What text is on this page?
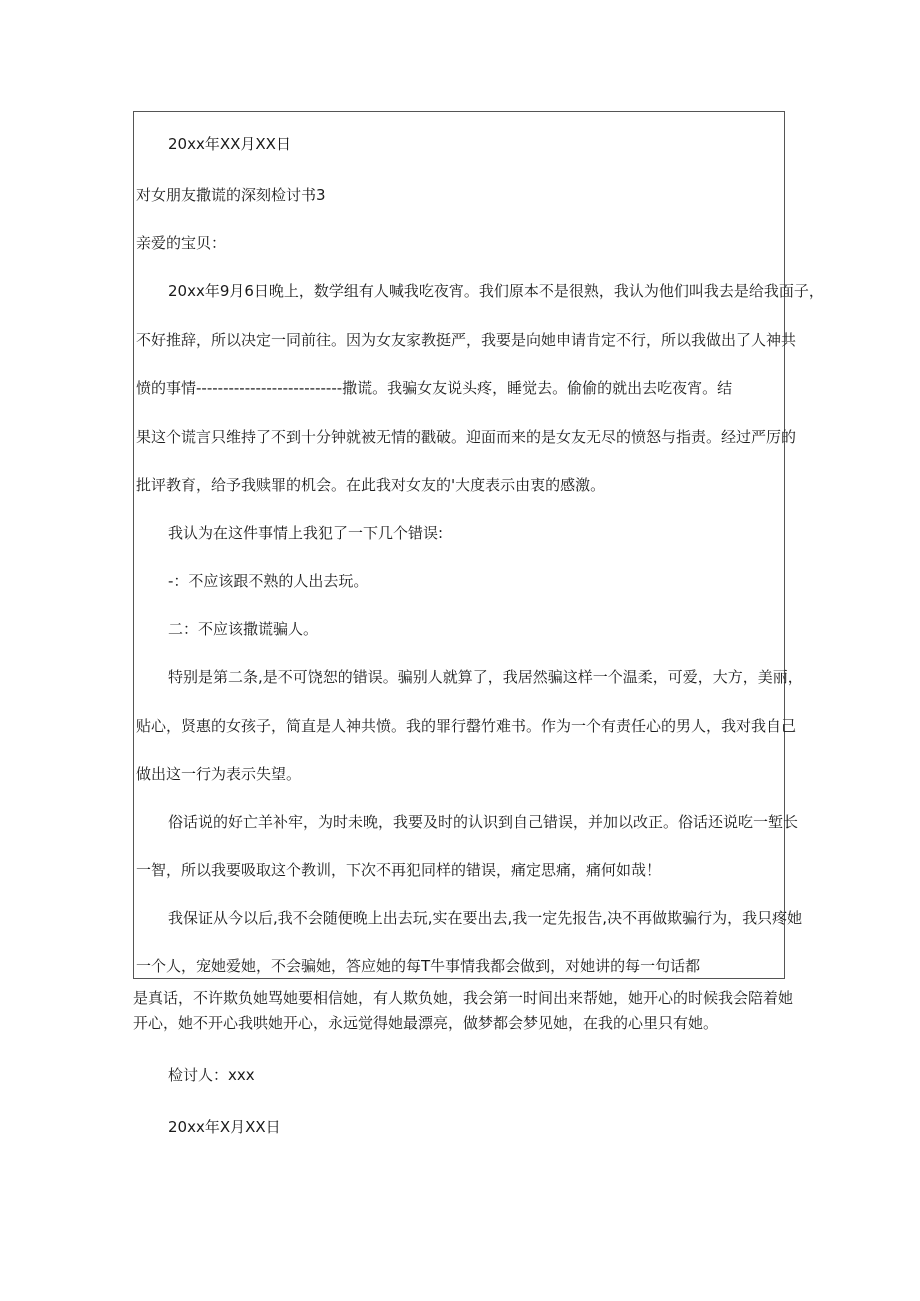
20xx年XX月XX日

对女朋友撒谎的深刻检讨书3

亲爱的宝贝：

20xx年9月6日晚上，数学组有人喊我吃夜宵。我们原本不是很熟，我认为他们叫我去是给我面子，

不好推辞，所以决定一同前往。因为女友家教挺严，我要是向她申请肯定不行，所以我做出了人神共

愤的事情---------------------------撒谎。我骗女友说头疼，睡觉去。偷偷的就出去吃夜宵。结

果这个谎言只维持了不到十分钟就被无情的戳破。迎面而来的是女友无尽的愤怒与指责。经过严厉的

批评教育，给予我赎罪的机会。在此我对女友的'大度表示由衷的感激。

我认为在这件事情上我犯了一下几个错误:

-：不应该跟不熟的人出去玩。

二：不应该撒谎骗人。

特别是第二条,是不可饶恕的错误。骗别人就算了，我居然骗这样一个温柔，可爱，大方，美丽，

贴心，贤惠的女孩子，简直是人神共愤。我的罪行罄竹难书。作为一个有责任心的男人，我对我自己

做出这一行为表示失望。

俗话说的好亡羊补牢，为时未晚，我要及时的认识到自己错误，并加以改正。俗话还说吃一堑长

一智，所以我要吸取这个教训，下次不再犯同样的错误，痛定思痛，痛何如哉！

我保证从今以后,我不会随便晚上出去玩,实在要出去,我一定先报告,决不再做欺骗行为，我只疼她

一个人，宠她爱她，不会骗她，答应她的每T牛事情我都会做到，对她讲的每一句话都

是真话，不许欺负她骂她要相信她，有人欺负她，我会第一时间出来帮她，她开心的时候我会陪着她

开心，她不开心我哄她开心，永远觉得她最漂亮，做梦都会梦见她，在我的心里只有她。

检讨人：xxx

20xx年X月XX日
